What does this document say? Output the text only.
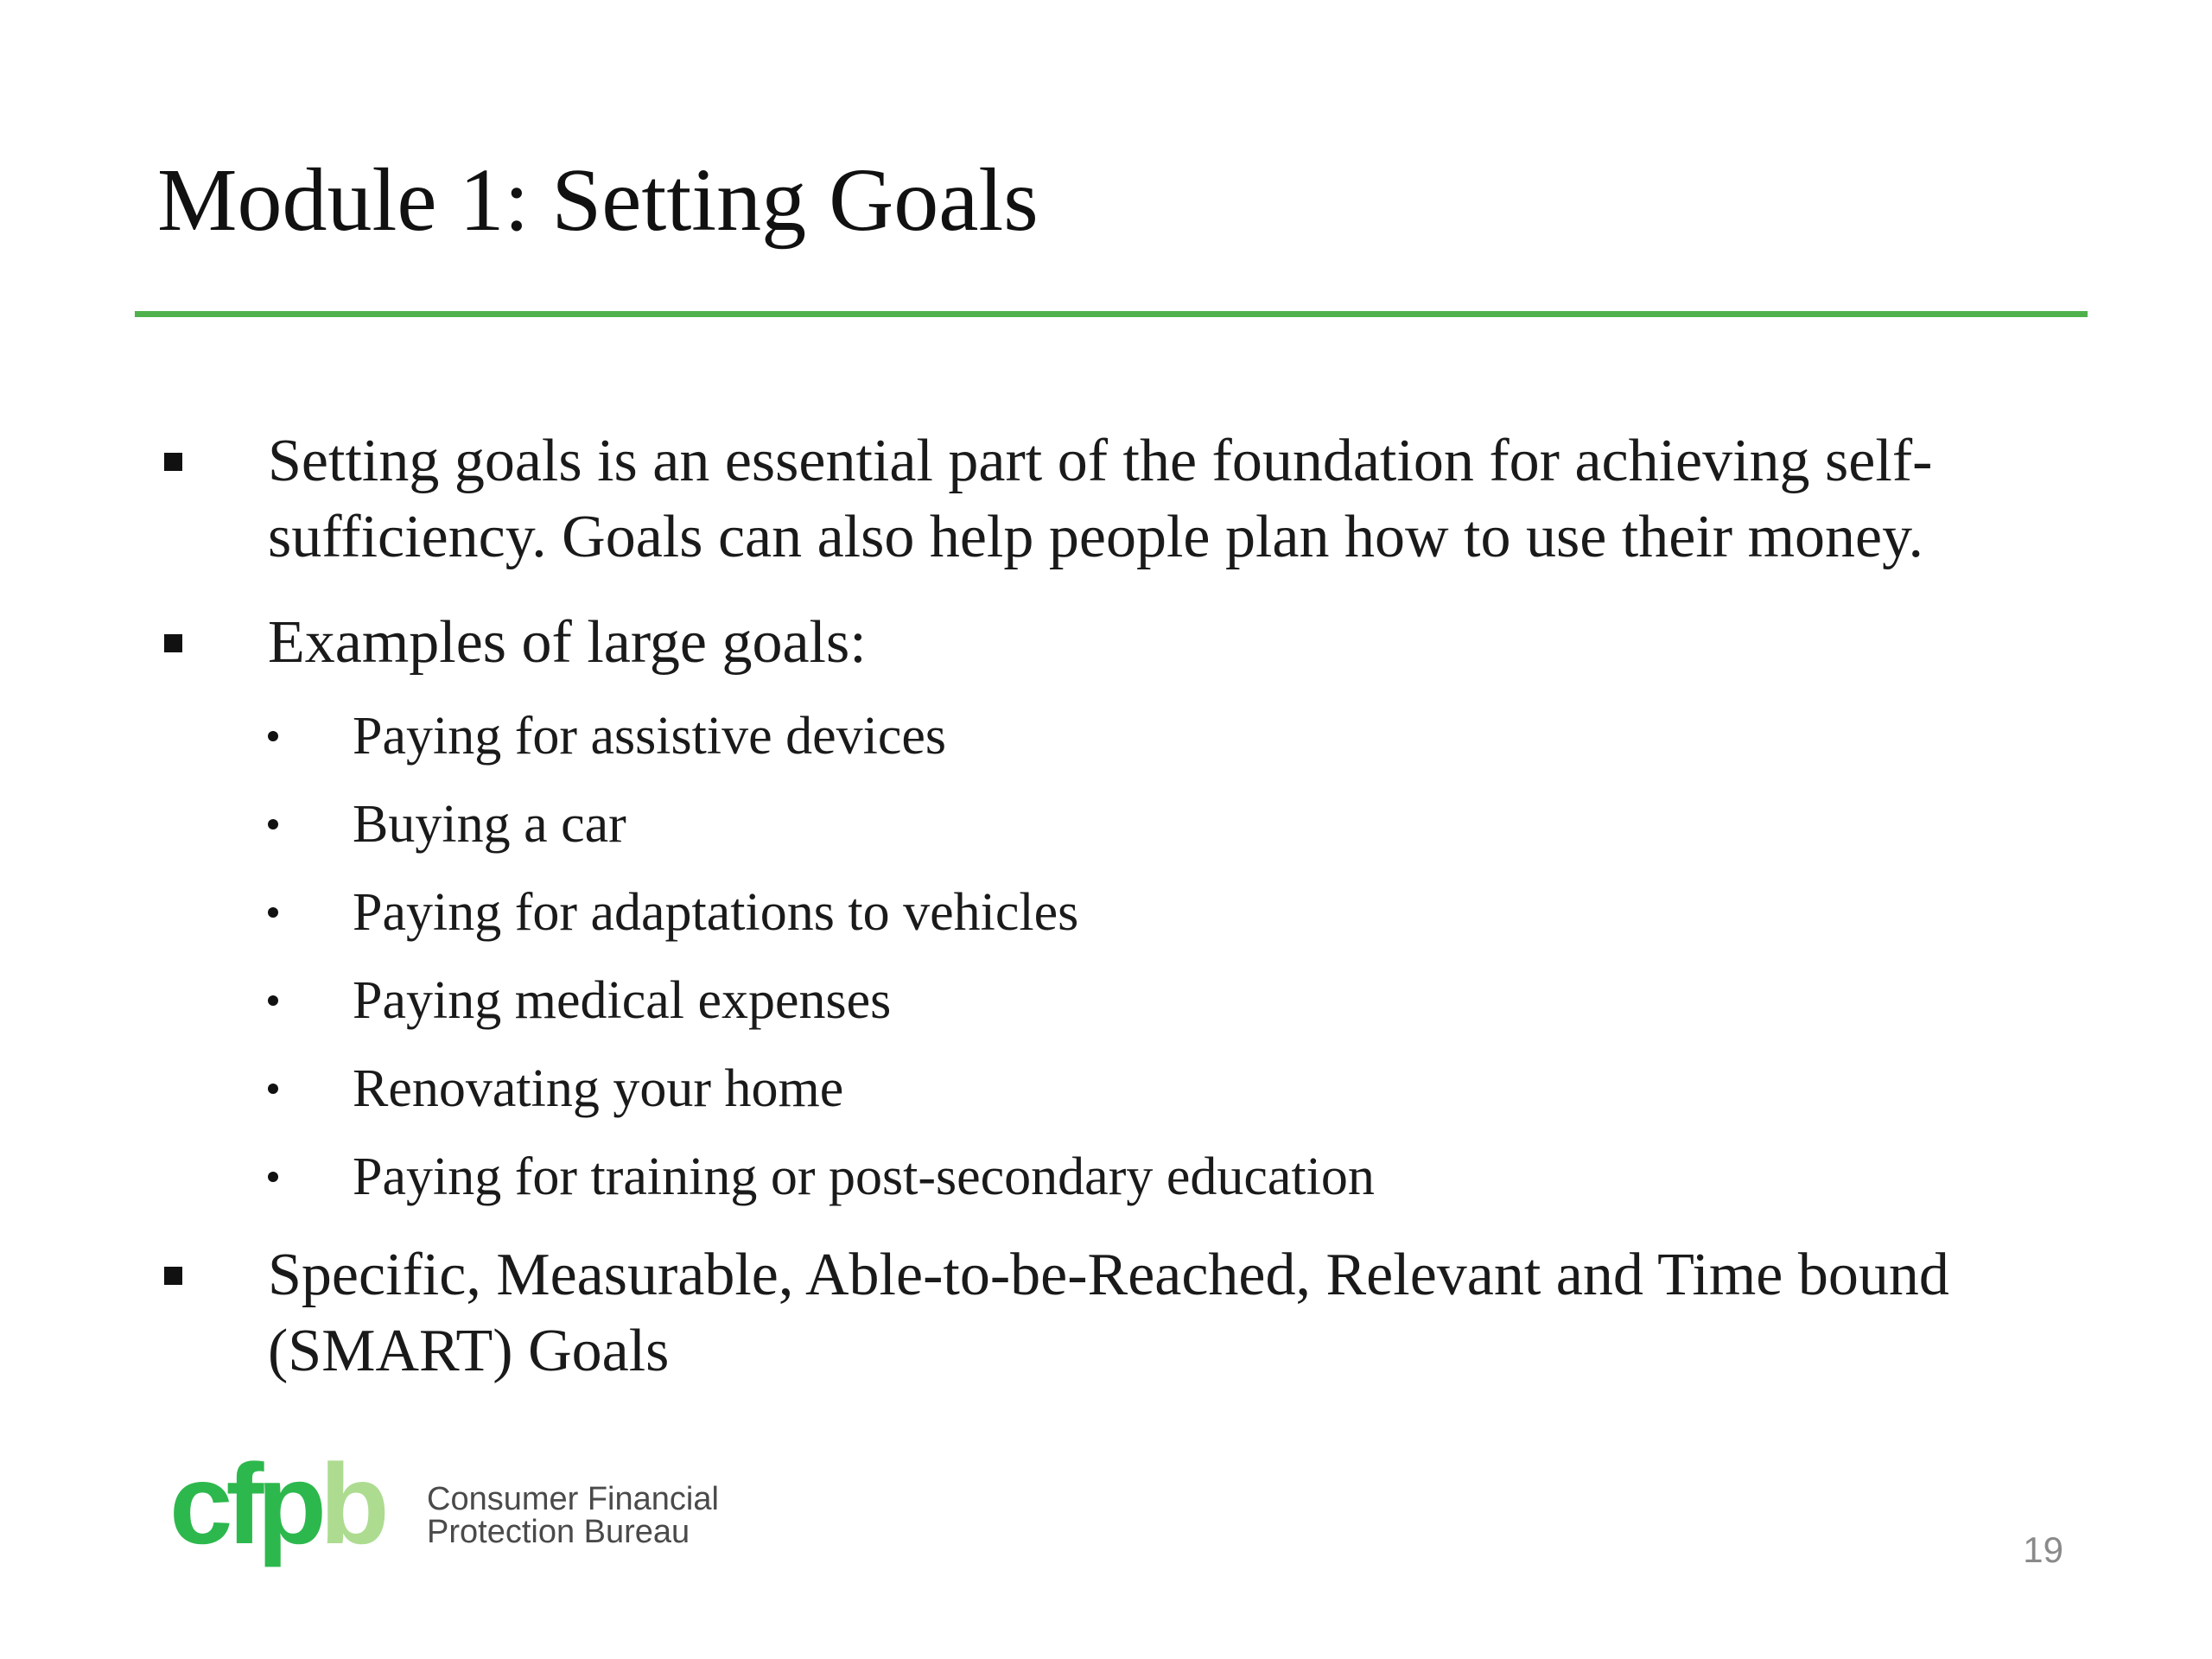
Module 1: Setting Goals
Setting goals is an essential part of the foundation for achieving self-sufficiency. Goals can also help people plan how to use their money.
Examples of large goals:
Paying for assistive devices
Buying a car
Paying for adaptations to vehicles
Paying medical expenses
Renovating your home
Paying for training or post-secondary education
Specific, Measurable, Able-to-be-Reached, Relevant and Time bound (SMART) Goals
cfpb Consumer Financial
Protection Bureau	19
